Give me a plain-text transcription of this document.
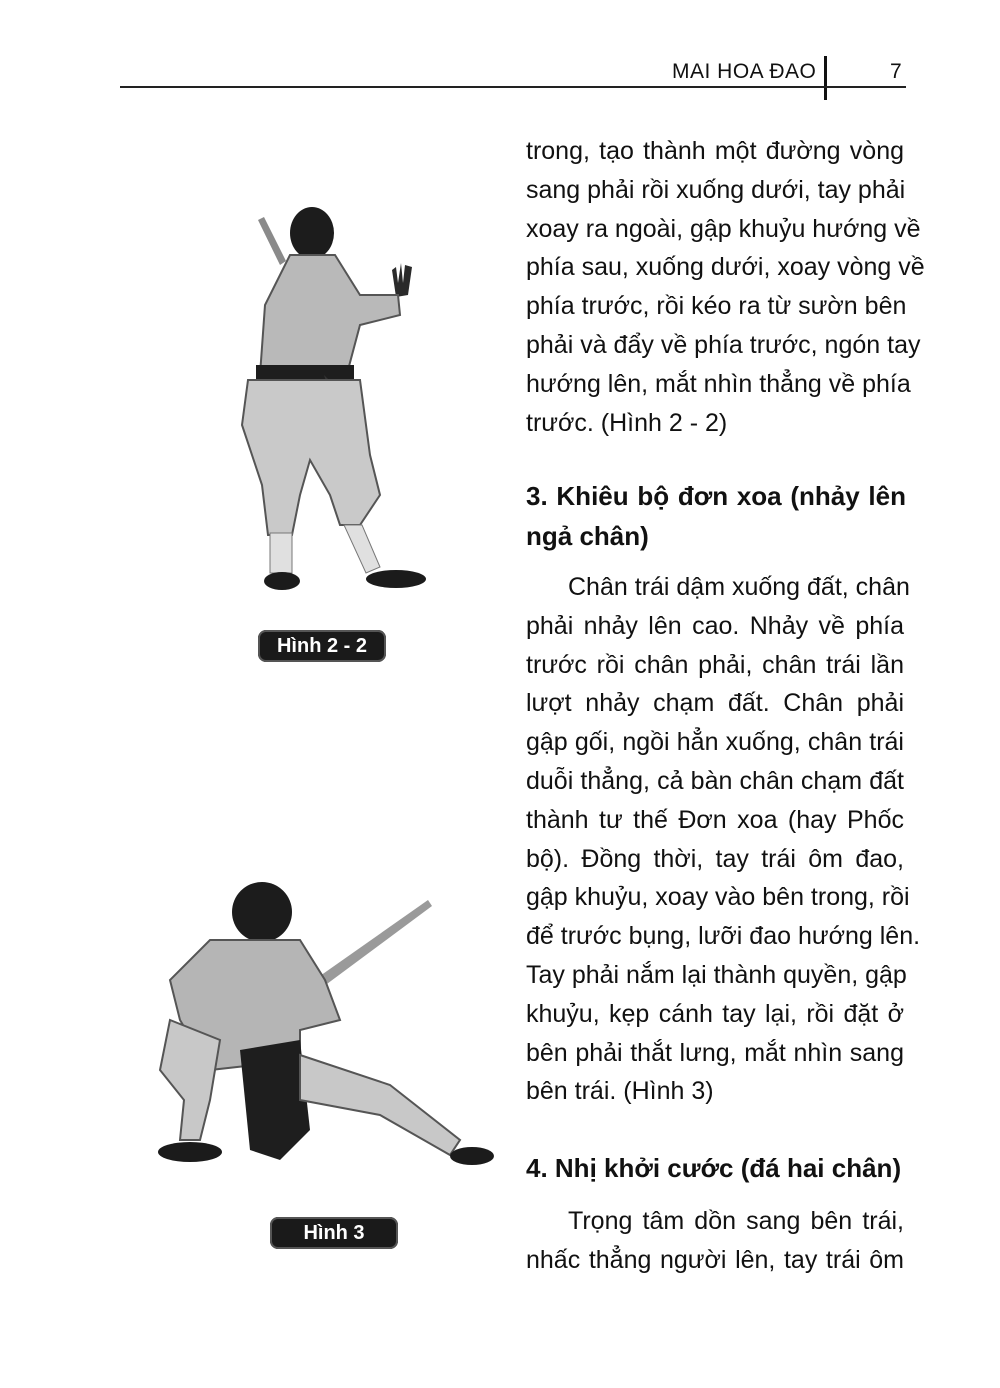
MAI HOA ĐAO	7
trong, tạo thành một đường vòng
sang phải rồi xuống dưới, tay phải
xoay ra ngoài, gập khuỷu hướng về
phía sau, xuống dưới, xoay vòng về
phía trước, rồi kéo ra từ sườn bên
phải và đẩy về phía trước, ngón tay
hướng lên, mắt nhìn thẳng về phía
trước. (Hình 2 - 2)
3. Khiêu bộ đơn xoa (nhảy lên
ngả chân)
Chân trái dậm xuống đất, chân
phải nhảy lên cao. Nhảy về phía
trước rồi chân phải, chân trái lần
lượt nhảy chạm đất. Chân phải
gập gối, ngồi hẳn xuống, chân trái
duỗi thẳng, cả bàn chân chạm đất
thành tư thế Đơn xoa (hay Phốc
bộ). Đồng thời, tay trái ôm đao,
gập khuỷu, xoay vào bên trong, rồi
để trước bụng, lưỡi đao hướng lên.
Tay phải nắm lại thành quyền, gập
khuỷu, kẹp cánh tay lại, rồi đặt ở
bên phải thắt lưng, mắt nhìn sang
bên trái. (Hình 3)
4. Nhị khởi cước (đá hai chân)
Trọng tâm dồn sang bên trái,
nhấc thẳng người lên, tay trái ôm
Hình 2 - 2
Hình 3
